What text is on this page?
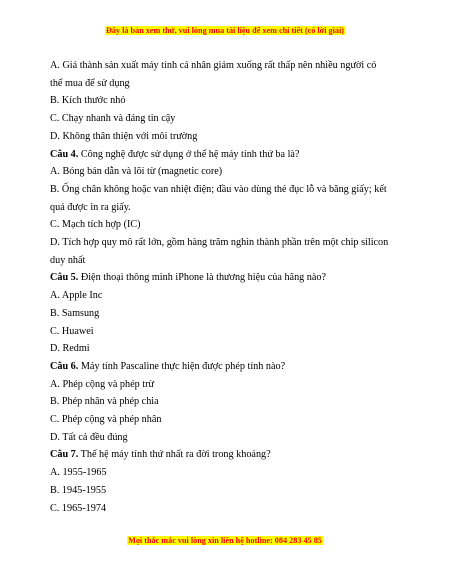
Đây là bản xem thử, vui lòng mua tài liệu để xem chi tiết (có lời giải)
A. Giá thành sản xuất máy tính cá nhân giảm xuống rất thấp nên nhiều người có
thể mua để sử dụng
B. Kích thước nhỏ
C. Chạy nhanh và đáng tin cậy
D. Không thân thiện với môi trường
Câu 4. Công nghệ được sử dụng ở thế hệ máy tính thứ ba là?
A. Bóng bán dẫn và lõi từ (magnetic core)
B. Ống chân không hoặc van nhiệt điện; đầu vào dùng thẻ đục lỗ và băng giấy; kết
quả được in ra giấy.
C. Mạch tích hợp (IC)
D. Tích hợp quy mô rất lớn, gồm hàng trăm nghìn thành phần trên một chip silicon
duy nhất
Câu 5. Điện thoại thông minh iPhone là thương hiệu của hãng nào?
A. Apple Inc
B. Samsung
C. Huawei
D. Redmi
Câu 6. Máy tính Pascaline thực hiện được phép tính nào?
A. Phép cộng và phép trừ
B. Phép nhân và phép chia
C. Phép cộng và phép nhân
D. Tất cả đều đúng
Câu 7. Thế hệ máy tính thứ nhất ra đời trong khoảng?
A. 1955-1965
B. 1945-1955
C. 1965-1974
Mọi thắc mắc vui lòng xin liên hệ hotline: 084 283 45 85
